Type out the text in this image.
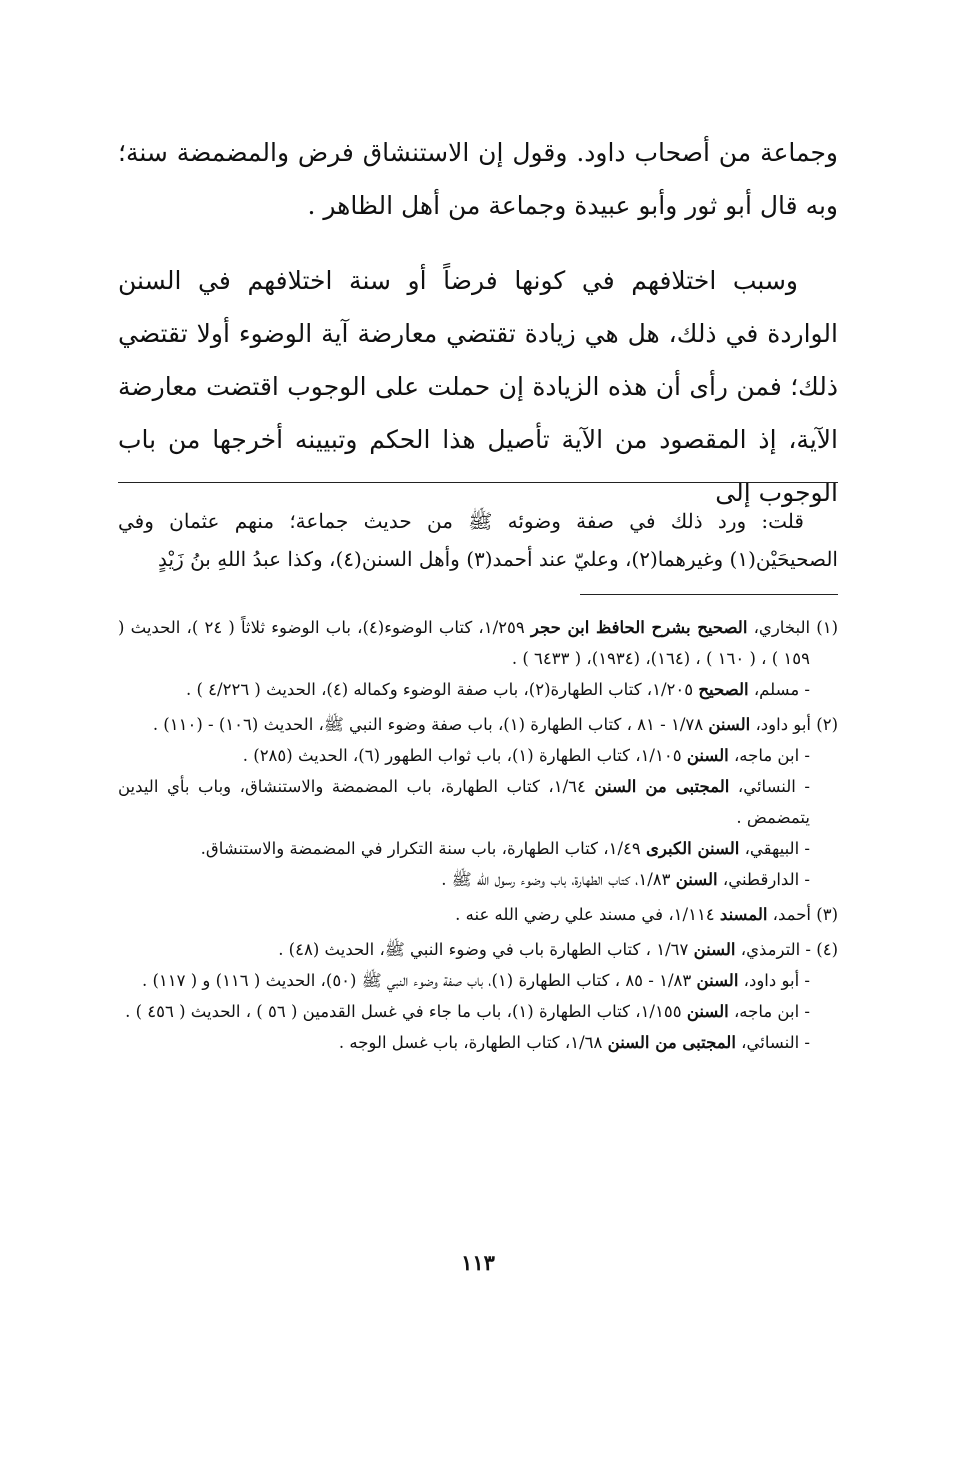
وجماعة من أصحاب داود. وقول إن الاستنشاق فرض والمضمضة سنة؛ وبه قال أبو ثور وأبو عبيدة وجماعة من أهل الظاهر .

وسبب اختلافهم في كونها فرضاً أو سنة اختلافهم في السنن الواردة في ذلك، هل هي زيادة تقتضي معارضة آية الوضوء أولا تقتضي ذلك؛ فمن رأى أن هذه الزيادة إن حملت على الوجوب اقتضت معارضة الآية، إذ المقصود من الآية تأصيل هذا الحكم وتبيينه أخرجها من باب الوجوب إلى

قلت: ورد ذلك في صفة وضوئه ﷺ من حديث جماعة؛ منهم عثمان وفي الصحيحَيْن(١) وغيرهما(٢)، وعليّ عند أحمد(٣) وأهل السنن(٤)، وكذا عبدُ اللهِ بنُ زَيْدٍ

(١) البخاري، الصحيح بشرح الحافظ ابن حجر ١/٢٥٩، كتاب الوضوء(٤)، باب الوضوء ثلاثاً ( ٢٤ )، الحديث ( ١٥٩ ) ، ( ١٦٠ ) ، (١٦٤)، (١٩٣٤)، ( ٦٤٣٣ ) .

- مسلم، الصحيح ١/٢٠٥، كتاب الطهارة(٢)، باب صفة الوضوء وكماله (٤)، الحديث ( ٤/٢٢٦ ) .

(٢) أبو داود، السنن ١/٧٨ - ٨١ ، كتاب الطهارة (١)، باب صفة وضوء النبي ﷺ، الحديث (١٠٦) - (١١٠) .

- ابن ماجه، السنن ١/١٠٥، كتاب الطهارة (١)، باب ثواب الطهور (٦)، الحديث (٢٨٥) .

- النسائي، المجتبى من السنن ١/٦٤، كتاب الطهارة، باب المضمضة والاستنشاق، وباب بأي اليدين يتمضمض .

- البيهقي، السنن الكبرى ١/٤٩، كتاب الطهارة، باب سنة التكرار في المضمضة والاستنشاق.

- الدارقطني، السنن ١/٨٣، كتاب الطهارة، باب وضوء رسول الله ﷺ .

(٣) أحمد، المسند ١/١١٤، في مسند علي رضي الله عنه .

(٤) - الترمذي، السنن ١/٦٧ ، كتاب الطهارة باب في وضوء النبي ﷺ، الحديث (٤٨) .

- أبو داود، السنن ١/٨٣ - ٨٥ ، كتاب الطهارة (١)، باب صفة وضوء النبي ﷺ (٥٠)، الحديث ( ١١٦) و ( ١١٧) .

- ابن ماجه، السنن ١/١٥٥، كتاب الطهارة (١)، باب ما جاء في غسل القدمين ( ٥٦ ) ، الحديث ( ٤٥٦ ) .

- النسائي، المجتبى من السنن ١/٦٨، كتاب الطهارة، باب غسل الوجه .

١١٣
